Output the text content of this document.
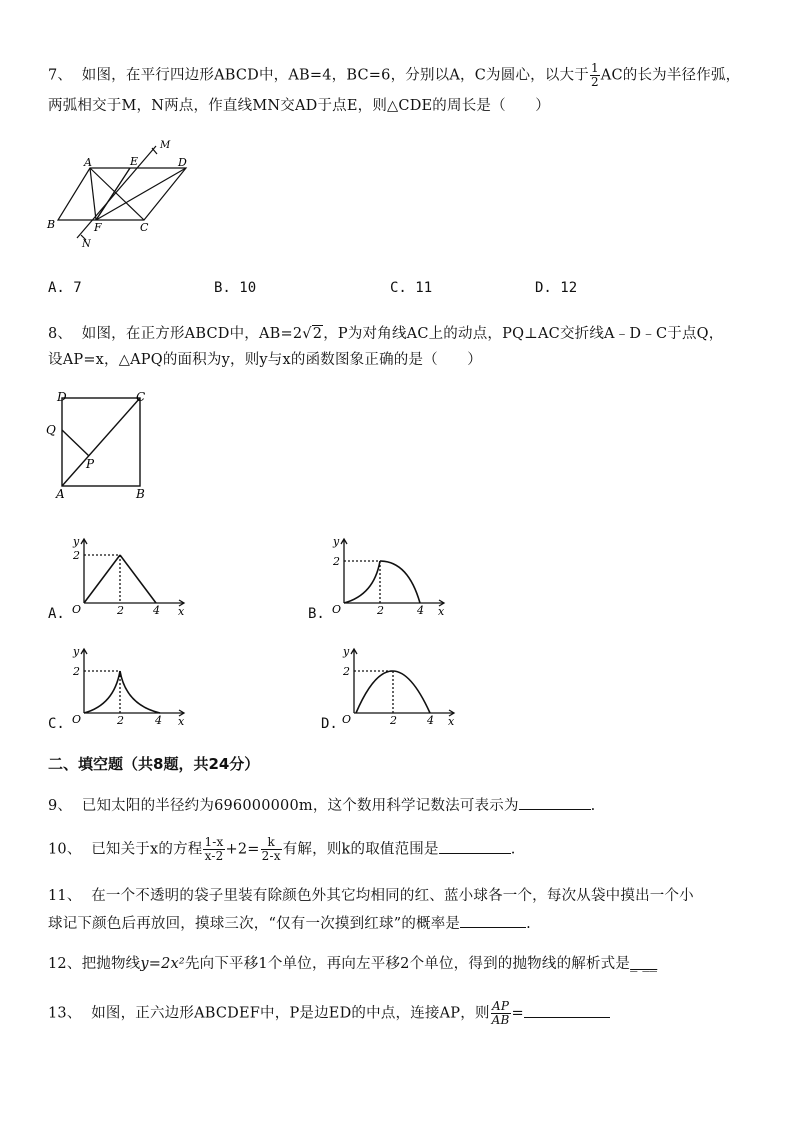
7、 如图，在平行四边形ABCD中，AB=4，BC=6，分别以A，C为圆心，以大于 $\frac{1}{2}$ AC的长为半径作弧，
两弧相交于M，N两点，作直线MN交AD于点E，则△CDE的周长是（　　）
A	E
M
D
B	F	C
N
A. 7	B. 10	C. 11	D. 12
8、 如图，在正方形ABCD中，AB=2√2，P为对角线AC上的动点，PQ⊥AC交折线A﹣D﹣C于点Q，
设AP=x，△APQ的面积为y，则y与x的函数图象正确的是（　　）
D	C
Q
P
A	B
A.
y
2
O	2	4 x	B.
y
2
O	2	4 x
C.
y
2
O	2	4 x	D.
y
2
O	2	4 x
二、填空题（共8题，共24分）
9、 已知太阳的半径约为696000000m，这个数用科学记数法可表示为	.
10、 已知关于x的方程 $\frac{1-x}{x-2} +2= \frac{k}{2-x}$ 有解，则k的取值范围是	.
11、 在一个不透明的袋子里装有除颜色外其它均相同的红、蓝小球各一个，每次从袋中摸出一个小
球记下颜色后再放回，摸球三次，“仅有一次摸到红球”的概率是	.
12、把抛物线y=2x²先向下平移1个单位，再向左平移2个单位，得到的抛物线的解析式是_ __
13、 如图，正六边形ABCDEF中，P是边ED的中点，连接AP，则 $\frac{AP}{AB}$ =
